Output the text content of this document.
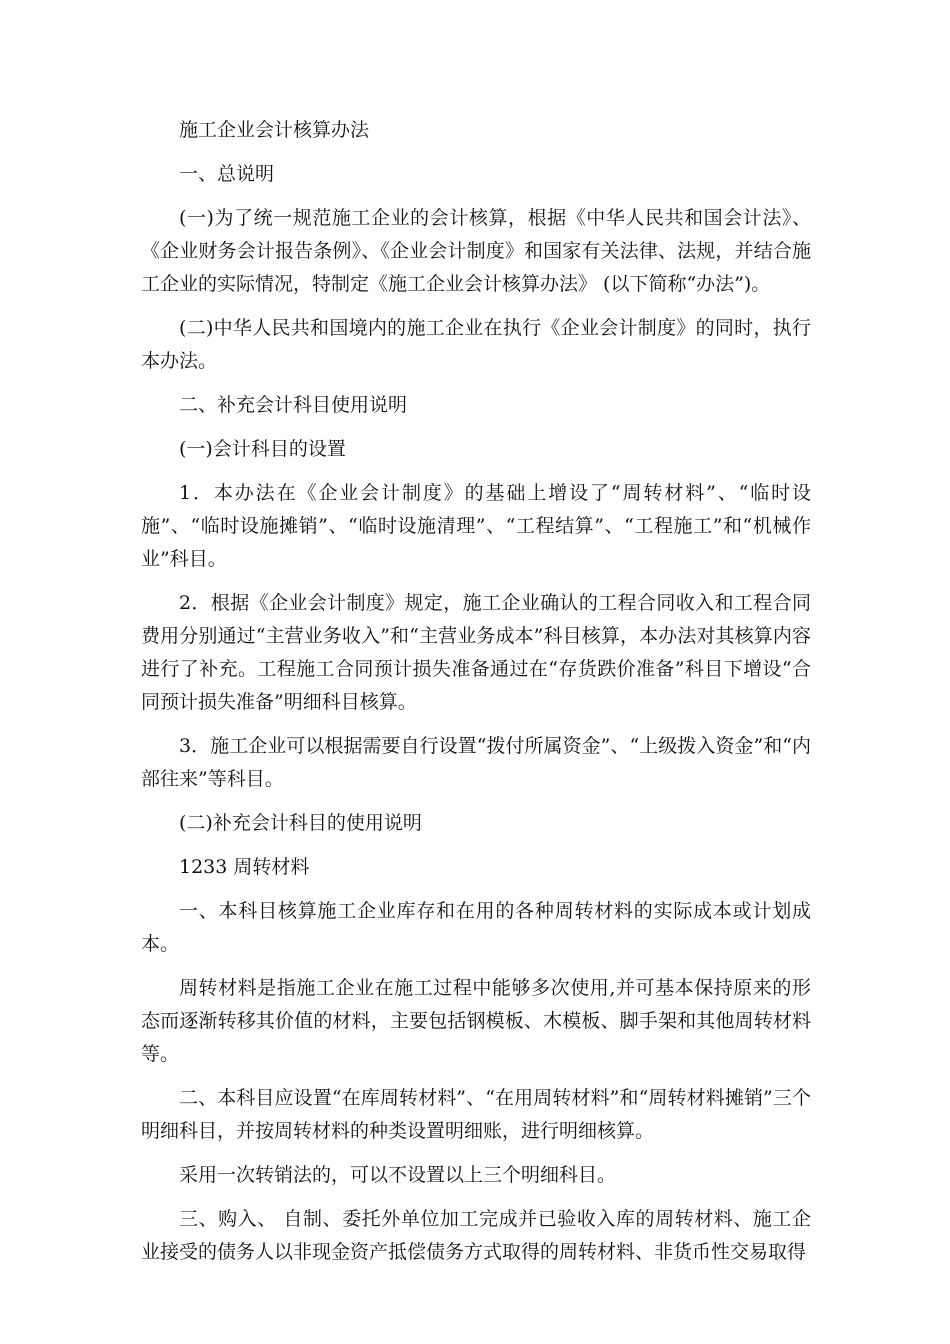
施工企业会计核算办法

一、总说明

(一)为了统一规范施工企业的会计核算，根据《中华人民共和国会计法》、《企业财务会计报告条例》、《企业会计制度》和国家有关法律、法规，并结合施工企业的实际情况，特制定《施工企业会计核算办法》 (以下简称“办法”)。

(二)中华人民共和国境内的施工企业在执行《企业会计制度》的同时，执行本办法。

二、补充会计科目使用说明

(一)会计科目的设置

1．本办法在《企业会计制度》的基础上增设了“周转材料”、“临时设施”、“临时设施摊销”、“临时设施清理”、“工程结算”、“工程施工”和“机械作业”科目。

2．根据《企业会计制度》规定，施工企业确认的工程合同收入和工程合同费用分别通过“主营业务收入”和“主营业务成本”科目核算，本办法对其核算内容进行了补充。工程施工合同预计损失准备通过在“存货跌价准备”科目下增设“合同预计损失准备”明细科目核算。

3．施工企业可以根据需要自行设置“拨付所属资金”、“上级拨入资金”和“内部往来”等科目。

(二)补充会计科目的使用说明

1233 周转材料

一、本科目核算施工企业库存和在用的各种周转材料的实际成本或计划成本。

周转材料是指施工企业在施工过程中能够多次使用,并可基本保持原来的形态而逐渐转移其价值的材料，主要包括钢模板、木模板、脚手架和其他周转材料等。

二、本科目应设置“在库周转材料”、“在用周转材料”和“周转材料摊销”三个明细科目，并按周转材料的种类设置明细账，进行明细核算。

采用一次转销法的，可以不设置以上三个明细科目。

三、购入、 自制、委托外单位加工完成并已验收入库的周转材料、施工企业接受的债务人以非现金资产抵偿债务方式取得的周转材料、非货币性交易取得
